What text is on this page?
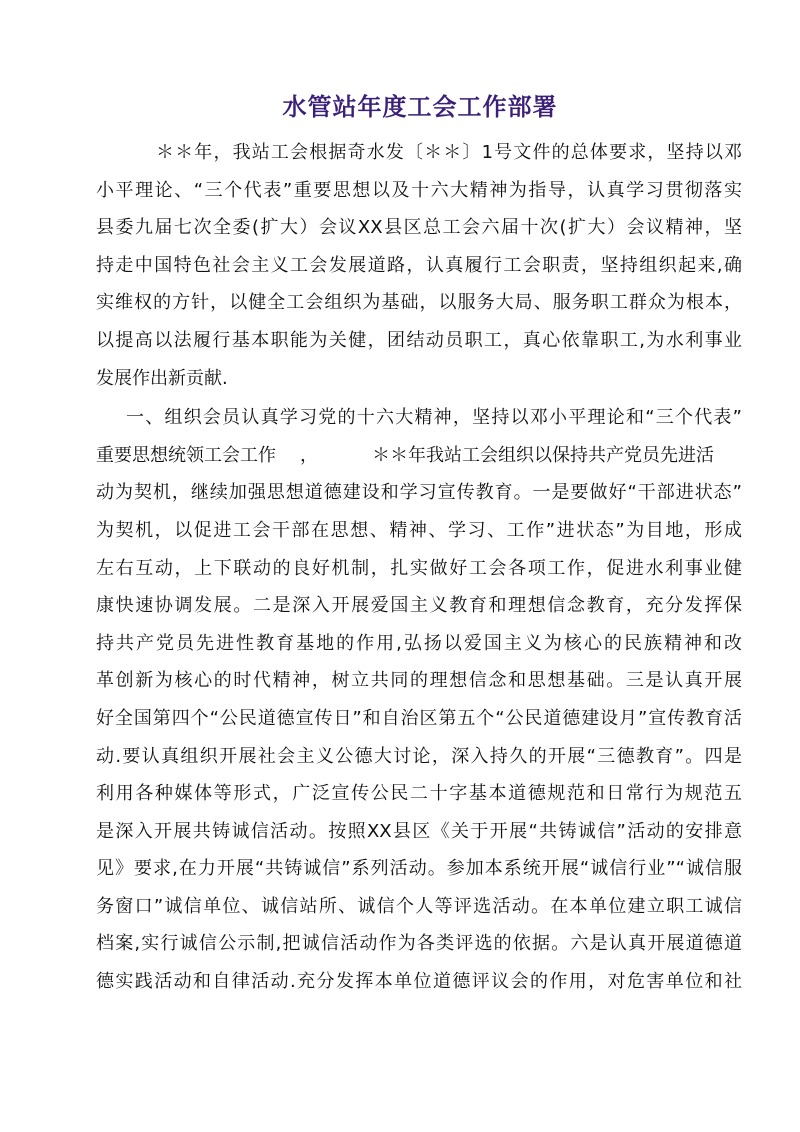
水管站年度工会工作部署
＊＊年，我站工会根据奇水发〔＊＊〕1号文件的总体要求，坚持以邓
小平理论、“三个代表”重要思想以及十六大精神为指导，认真学习贯彻落实
县委九届七次全委(扩大）会议XX县区总工会六届十次(扩大）会议精神，坚
持走中国特色社会主义工会发展道路，认真履行工会职责，坚持组织起来,确
实维权的方针，以健全工会组织为基础，以服务大局、服务职工群众为根本，
以提高以法履行基本职能为关健，团结动员职工，真心依靠职工,为水利事业
发展作出新贡献.
一、组织会员认真学习党的十六大精神，坚持以邓小平理论和“三个代表”
重要思想统领工会工作 ，	＊＊年我站工会组织以保持共产党员先进活
动为契机，继续加强思想道德建设和学习宣传教育。一是要做好“干部进状态”
为契机，以促进工会干部在思想、精神、学习、工作”进状态”为目地，形成
左右互动，上下联动的良好机制，扎实做好工会各项工作，促进水利事业健
康快速协调发展。二是深入开展爱国主义教育和理想信念教育，充分发挥保
持共产党员先进性教育基地的作用,弘扬以爱国主义为核心的民族精神和改
革创新为核心的时代精神，树立共同的理想信念和思想基础。三是认真开展
好全国第四个“公民道德宣传日”和自治区第五个“公民道德建设月”宣传教育活
动.要认真组织开展社会主义公德大讨论，深入持久的开展“三德教育”。四是
利用各种媒体等形式，广泛宣传公民二十字基本道德规范和日常行为规范五
是深入开展共铸诚信活动。按照XX县区《关于开展“共铸诚信”活动的安排意
见》要求,在力开展“共铸诚信”系列活动。参加本系统开展“诚信行业”“诚信服
务窗口”诚信单位、诚信站所、诚信个人等评选活动。在本单位建立职工诚信
档案,实行诚信公示制,把诚信活动作为各类评选的依据。六是认真开展道德道
德实践活动和自律活动.充分发挥本单位道德评议会的作用，对危害单位和社
